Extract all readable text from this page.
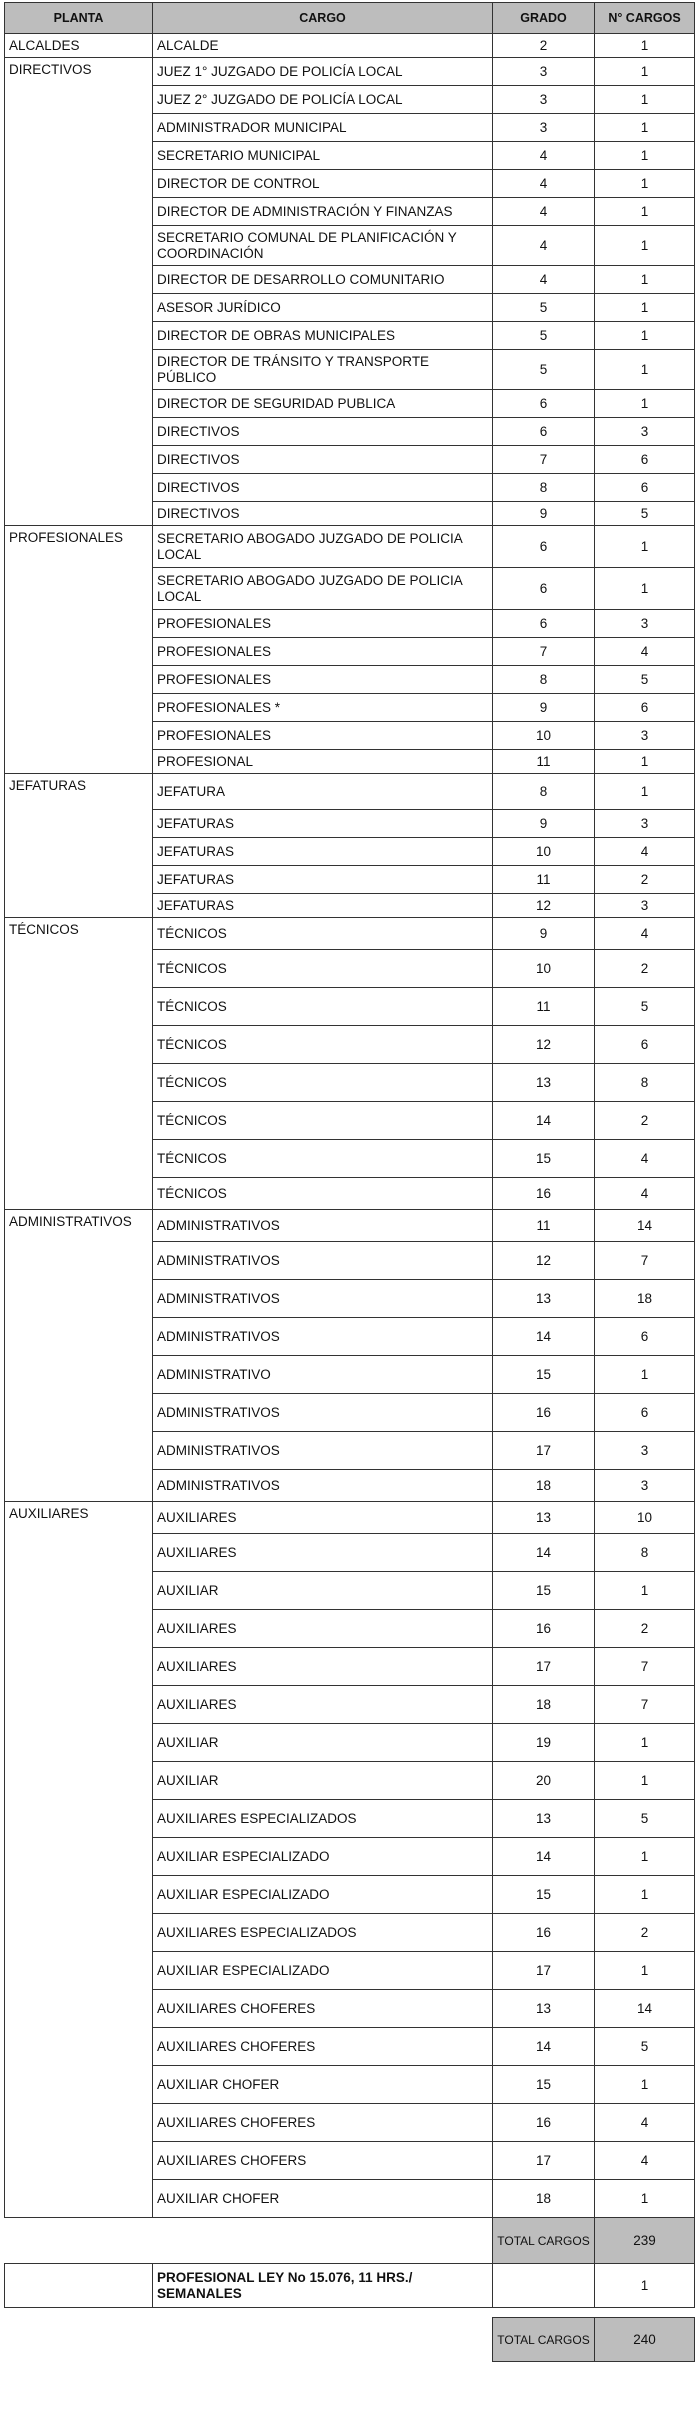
PLANTA	CARGO	GRADO	N° CARGOS
ALCALDES	ALCALDE	2	1
DIRECTIVOS	JUEZ 1° JUZGADO DE POLICÍA LOCAL	3	1
	JUEZ 2° JUZGADO DE POLICÍA LOCAL	3	1
	ADMINISTRADOR MUNICIPAL	3	1
	SECRETARIO MUNICIPAL	4	1
	DIRECTOR DE CONTROL	4	1
	DIRECTOR DE ADMINISTRACIÓN Y FINANZAS	4	1
	SECRETARIO COMUNAL DE PLANIFICACIÓN Y COORDINACIÓN	4	1
	DIRECTOR DE DESARROLLO COMUNITARIO	4	1
	ASESOR JURÍDICO	5	1
	DIRECTOR DE OBRAS MUNICIPALES	5	1
	DIRECTOR DE TRÁNSITO Y TRANSPORTE PÚBLICO	5	1
	DIRECTOR DE SEGURIDAD PUBLICA	6	1
	DIRECTIVOS	6	3
	DIRECTIVOS	7	6
	DIRECTIVOS	8	6
	DIRECTIVOS	9	5
PROFESIONALES	SECRETARIO ABOGADO JUZGADO DE POLICIA LOCAL	6	1
	SECRETARIO ABOGADO JUZGADO DE POLICIA LOCAL	6	1
	PROFESIONALES	6	3
	PROFESIONALES	7	4
	PROFESIONALES	8	5
	PROFESIONALES *	9	6
	PROFESIONALES	10	3
	PROFESIONAL	11	1
JEFATURAS	JEFATURA	8	1
	JEFATURAS	9	3
	JEFATURAS	10	4
	JEFATURAS	11	2
	JEFATURAS	12	3
TÉCNICOS	TÉCNICOS	9	4
	TÉCNICOS	10	2
	TÉCNICOS	11	5
	TÉCNICOS	12	6
	TÉCNICOS	13	8
	TÉCNICOS	14	2
	TÉCNICOS	15	4
	TÉCNICOS	16	4
ADMINISTRATIVOS	ADMINISTRATIVOS	11	14
	ADMINISTRATIVOS	12	7
	ADMINISTRATIVOS	13	18
	ADMINISTRATIVOS	14	6
	ADMINISTRATIVO	15	1
	ADMINISTRATIVOS	16	6
	ADMINISTRATIVOS	17	3
	ADMINISTRATIVOS	18	3
AUXILIARES	AUXILIARES	13	10
	AUXILIARES	14	8
	AUXILIAR	15	1
	AUXILIARES	16	2
	AUXILIARES	17	7
	AUXILIARES	18	7
	AUXILIAR	19	1
	AUXILIAR	20	1
	AUXILIARES ESPECIALIZADOS	13	5
	AUXILIAR ESPECIALIZADO	14	1
	AUXILIAR ESPECIALIZADO	15	1
	AUXILIARES ESPECIALIZADOS	16	2
	AUXILIAR ESPECIALIZADO	17	1
	AUXILIARES CHOFERES	13	14
	AUXILIARES CHOFERES	14	5
	AUXILIAR CHOFER	15	1
	AUXILIARES CHOFERES	16	4
	AUXILIARES CHOFERS	17	4
	AUXILIAR CHOFER	18	1
		TOTAL CARGOS	239
	PROFESIONAL LEY No 15.076, 11 HRS./ SEMANALES		1

		TOTAL CARGOS	240
